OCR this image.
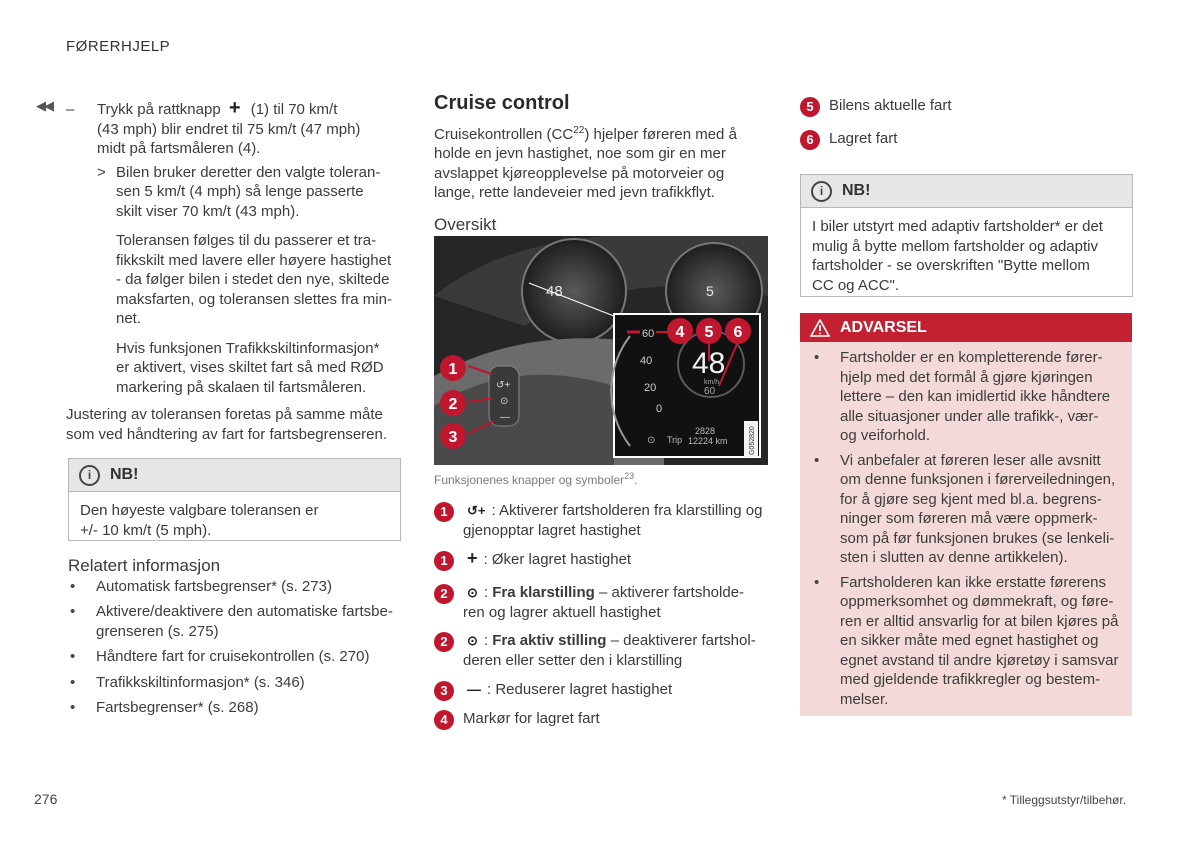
FØRERHJELP
◀◀ – Trykk på rattknapp + (1) til 70 km/t

(43 mph) blir endret til 75 km/t (47 mph)

midt på fartsmåleren (4).

> Bilen bruker deretter den valgte toleran-

sen 5 km/t (4 mph) så lenge passerte

skilt viser 70 km/t (43 mph).

Toleransen følges til du passerer et tra-

fikkskilt med lavere eller høyere hastighet

- da følger bilen i stedet den nye, skiltede

maksfarten, og toleransen slettes fra min-

net.

Hvis funksjonen Trafikkskiltinformasjon*

er aktivert, vises skiltet fart så med RØD

markering på skalaen til fartsmåleren.

Justering av toleransen foretas på samme måte

som ved håndtering av fart for fartsbegrenseren.

i	NB!

Den høyeste valgbare toleransen er

+/- 10 km/t (5 mph).

Relatert informasjon
• Automatisk fartsbegrenser* (s. 273)
• Aktivere/deaktivere den automatiske fartsbe-
grenseren (s. 275)
• Håndtere fart for cruisekontrollen (s. 270)
• Trafikkskiltinformasjon* (s. 346)
• Fartsbegrenser* (s. 268)
Cruise control

Cruisekontrollen (CC$^{22}$) hjelper føreren med å

holde en jevn hastighet, noe som gir en mer

avslappet kjøreopplevelse på motorveier og

lange, rette landeveier med jevn trafikkflyt.

Oversikt
48	5
↺+
⊙
—
60
40
20
0
48
km/h
60
⊙ Trip
2828
12224 km	G052820
1
2
3
4 5 6
Funksjonenes knapper og symboler$^{23}$.
1	↺+ : Aktiverer fartsholderen fra klarstilling og

gjenopptar lagret hastighet

1	+ : Øker lagret hastighet

2	⊙ : Fra klarstilling – aktiverer fartsholde-

ren og lagrer aktuell hastighet

2	⊙ : Fra aktiv stilling – deaktiverer fartshol-

deren eller setter den i klarstilling

3	— : Reduserer lagret hastighet

4	Markør for lagret fart

5	Bilens aktuelle fart
6	Lagret fart
i	NB!

I biler utstyrt med adaptiv fartsholder* er det

mulig å bytte mellom fartsholder og adaptiv

fartsholder - se overskriften "Bytte mellom

CC og ACC".

ADVARSEL

• Fartsholder er en kompletterende fører-

hjelp med det formål å gjøre kjøringen

lettere – den kan imidlertid ikke håndtere

alle situasjoner under alle trafikk-, vær-

og veiforhold.

• Vi anbefaler at føreren leser alle avsnitt

om denne funksjonen i førerveiledningen,

for å gjøre seg kjent med bl.a. begrens-

ninger som føreren må være oppmerk-

som på før funksjonen brukes (se lenkeli-

sten i slutten av denne artikkelen).

• Fartsholderen kan ikke erstatte førerens

oppmerksomhet og dømmekraft, og føre-

ren er alltid ansvarlig for at bilen kjøres på

en sikker måte med egnet hastighet og

egnet avstand til andre kjøretøy i samsvar

med gjeldende trafikkregler og bestem-

melser.

276	* Tilleggsutstyr/tilbehør.
